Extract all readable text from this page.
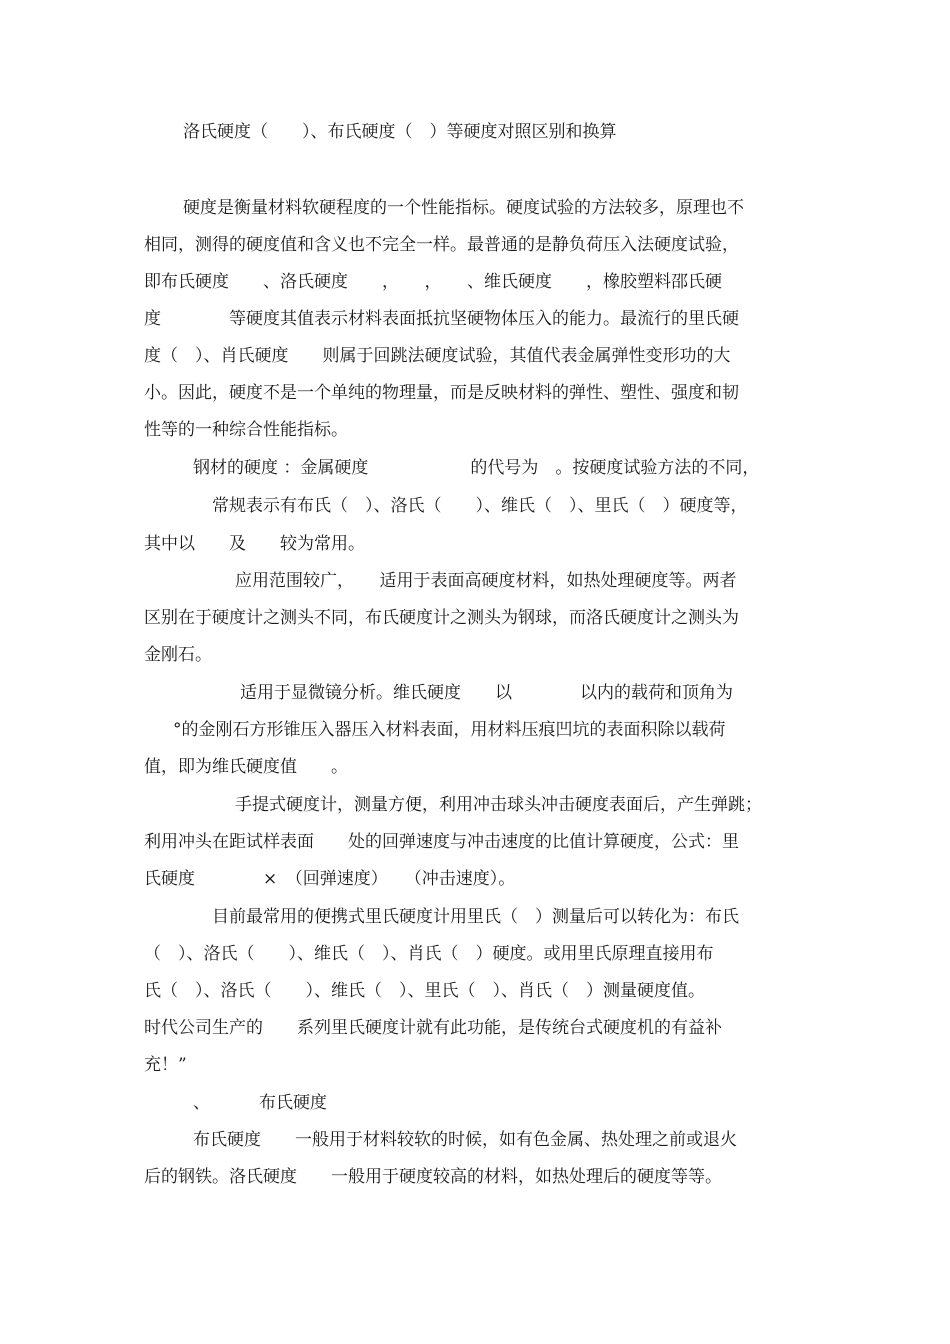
洛氏硬度（　　）、布氏硬度（　）等硬度对照区别和换算
硬度是衡量材料软硬程度的一个性能指标。硬度试验的方法较多，原理也不
相同，测得的硬度值和含义也不完全一样。最普通的是静负荷压入法硬度试验，
即布氏硬度　　、洛氏硬度　　，　　，　　、维氏硬度　　，橡胶塑料邵氏硬
度　　　　等硬度其值表示材料表面抵抗坚硬物体压入的能力。最流行的里氏硬
度（　）、肖氏硬度　　则属于回跳法硬度试验，其值代表金属弹性变形功的大
小。因此，硬度不是一个单纯的物理量，而是反映材料的弹性、塑性、强度和韧
性等的一种综合性能指标。
钢材的硬度 ：金属硬度　　　　　　的代号为　。按硬度试验方法的不同，
常规表示有布氏（　）、洛氏（　　）、维氏（　）、里氏（　）硬度等，
其中以　　及　　较为常用。
应用范围较广，　　适用于表面高硬度材料，如热处理硬度等。两者
区别在于硬度计之测头不同，布氏硬度计之测头为钢球，而洛氏硬度计之测头为
金刚石。
适用于显微镜分析。维氏硬度　　以　　　　以内的载荷和顶角为
°的金刚石方形锥压入器压入材料表面，用材料压痕凹坑的表面积除以载荷
值，即为维氏硬度值　　。
手提式硬度计，测量方便，利用冲击球头冲击硬度表面后，产生弹跳；
利用冲头在距试样表面　　处的回弹速度与冲击速度的比值计算硬度，公式：里
氏硬度　　　　×　（回弹速度）　　（冲击速度）。
目前最常用的便携式里氏硬度计用里氏（　）测量后可以转化为：布氏
（　）、洛氏（　　）、维氏（　）、肖氏（　）硬度。或用里氏原理直接用布
氏（　）、洛氏（　　）、维氏（　）、里氏（　）、肖氏（　）测量硬度值。
时代公司生产的　　系列里氏硬度计就有此功能，是传统台式硬度机的有益补
充！”
、	布氏硬度
布氏硬度　　一般用于材料较软的时候，如有色金属、热处理之前或退火
后的钢铁。洛氏硬度　　一般用于硬度较高的材料，如热处理后的硬度等等。
